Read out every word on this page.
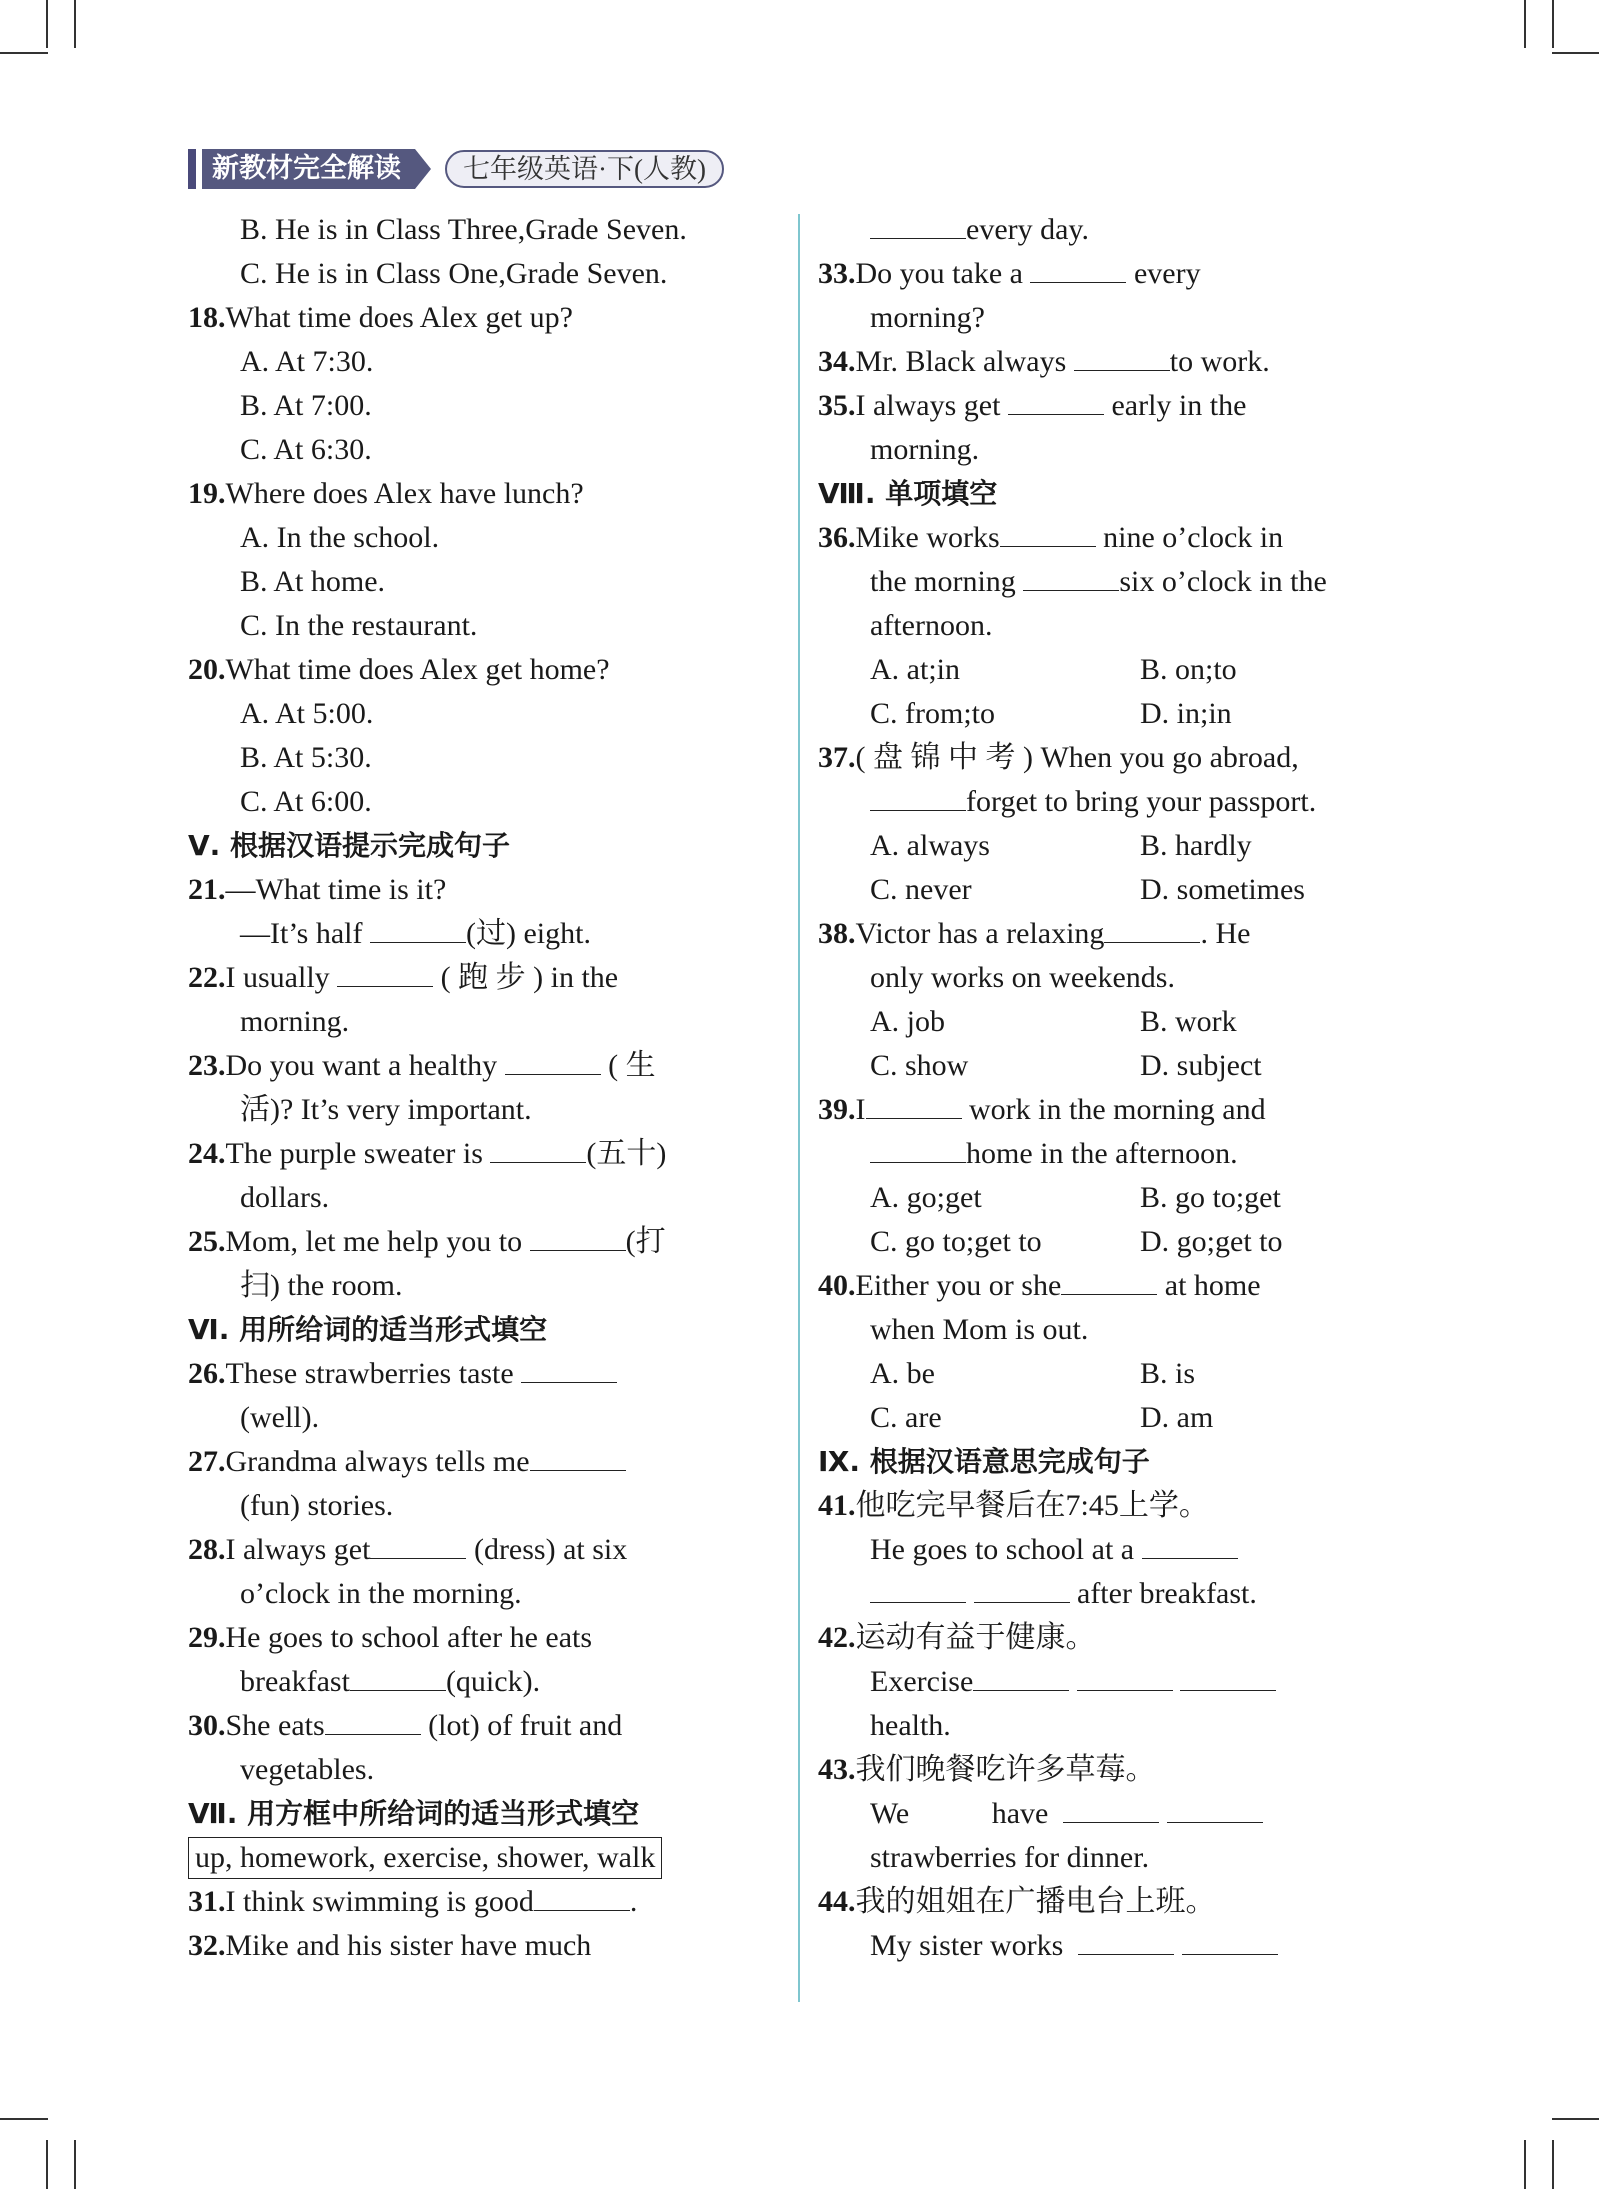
新教材完全解读	七年级英语·下(人教)
B. He is in Class Three,Grade Seven.
C. He is in Class One,Grade Seven.
18.What time does Alex get up?
A. At 7:30.
B. At 7:00.
C. At 6:30.
19.Where does Alex have lunch?
A. In the school.
B. At home.
C. In the restaurant.
20.What time does Alex get home?
A. At 5:00.
B. At 5:30.
C. At 6:00.
Ⅴ. 根据汉语提示完成句子
21.—What time is it?
—It’s half	(过) eight.
22.I usually	( 跑 步 ) in the
morning.
23.Do you want a healthy	( 生
活)? It’s very important.
24.The purple sweater is	(五十)
dollars.
25.Mom, let me help you to	(打
扫) the room.
Ⅵ. 用所给词的适当形式填空
26.These strawberries taste
(well).
27.Grandma always tells me
(fun) stories.
28.I always get	(dress) at six
o’clock in the morning.
29.He goes to school after he eats
breakfast	(quick).
30.She eats	(lot) of fruit and
vegetables.
Ⅶ. 用方框中所给词的适当形式填空
up, homework, exercise, shower, walk
31.I think swimming is good	.
32.Mike and his sister have much
every day.
33.Do you take a	every
morning?
34.Mr. Black always	to work.
35.I always get	early in the
morning.
Ⅷ. 单项填空
36.Mike works	nine o’clock in
the morning	six o’clock in the
afternoon.
A. at;in	B. on;to
C. from;to	D. in;in
37.( 盘 锦 中 考 ) When you go abroad,
forget to bring your passport.
A. always	B. hardly
C. never	D. sometimes
38.Victor has a relaxing	. He
only works on weekends.
A. job	B. work
C. show	D. subject
39.I	work in the morning and
home in the afternoon.
A. go;get	B. go to;get
C. go to;get to	D. go;get to
40.Either you or she	at home
when Mom is out.
A. be	B. is
C. are	D. am
Ⅸ. 根据汉语意思完成句子
41.他吃完早餐后在7:45上学。
He goes to school at a
after breakfast.
42.运动有益于健康。
Exercise
health.
43.我们晚餐吃许多草莓。
We	have
strawberries for dinner.
44.我的姐姐在广播电台上班。
My sister works
